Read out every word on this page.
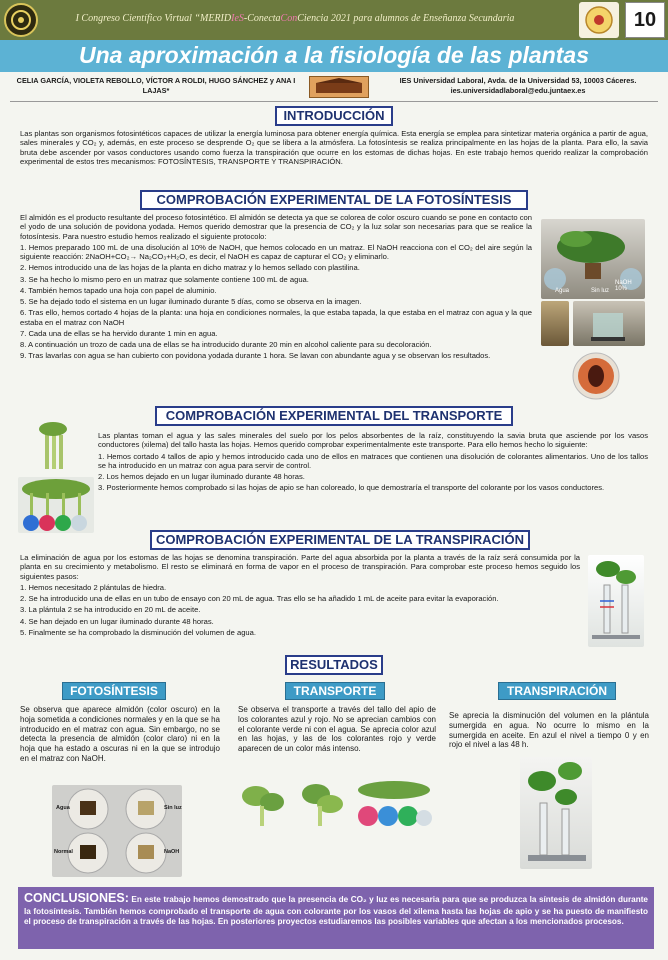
I Congreso Científico Virtual “MERIDIeS-ConectaConCiencia 2021 para alumnos de Enseñanza Secundaria	10
Una aproximación a la fisiología de las plantas
CELIA GARCÍA, VIOLETA REBOLLO, VÍCTOR A ROLDI, HUGO SÁNCHEZ y ANA I LAJAS*
IES Universidad Laboral, Avda. de la Universidad 53, 10003 Cáceres.
ies.universidadlaboral@edu.juntaex.es
INTRODUCCIÓN
Las plantas son organismos fotosintéticos capaces de utilizar la energía luminosa para obtener energía química. Esta energía se emplea para sintetizar materia orgánica a partir de agua, sales minerales y CO₂ y, además, en este proceso se desprende O₂ que se libera a la atmósfera. La fotosíntesis se realiza principalmente en las hojas de la planta. Para ello, la savia bruta debe ascender por vasos conductores usando como fuerza la transpiración que ocurre en los estomas de dichas hojas. En este trabajo hemos querido realizar la comprobación experimental de estos tres mecanismos: FOTOSÍNTESIS, TRANSPORTE Y TRANSPIRACIÓN.
COMPROBACIÓN EXPERIMENTAL DE LA FOTOSÍNTESIS

El almidón es el producto resultante del proceso fotosintético. El almidón se detecta ya que se colorea de color oscuro cuando se pone en contacto con el yodo de una solución de povidona yodada. Hemos querido demostrar que la presencia de CO₂ y la luz solar son necesarias para que se realice la fotosíntesis. Para nuestro estudio hemos realizado el siguiente protocolo:

1. Hemos preparado 100 mL de una disolución al 10% de NaOH, que hemos colocado en un matraz. El NaOH reacciona con el CO₂ del aire según la siguiente reacción: 2NaOH+CO₂→ Na₂CO₃+H₂O, es decir, el NaOH es capaz de capturar el CO₂ y eliminarlo.

2. Hemos introducido una de las hojas de la planta en dicho matraz y lo hemos sellado con plastilina.

3. Se ha hecho lo mismo pero en un matraz que solamente contiene 100 mL de agua.

4. También hemos tapado una hoja con papel de aluminio.

5. Se ha dejado todo el sistema en un lugar iluminado durante 5 días, como se observa en la imagen.

6. Tras ello, hemos cortado 4 hojas de la planta: una hoja en condiciones normales, la que estaba tapada, la que estaba en el matraz con agua y la que estaba en el matraz con NaOH

7. Cada una de ellas se ha hervido durante 1 min en agua.

8. A continuación un trozo de cada una de ellas se ha introducido durante 20 min en alcohol caliente para su decoloración.

9. Tras lavarlas con agua se han cubierto con povidona yodada durante 1 hora. Se lavan con abundante agua y se observan los resultados.

Agua	Sin luz
NaOH 10%
COMPROBACIÓN EXPERIMENTAL DEL TRANSPORTE

Las plantas toman el agua y las sales minerales del suelo por los pelos absorbentes de la raíz, constituyendo la savia bruta que asciende por los vasos conductores (xilema) del tallo hasta las hojas. Hemos querido comprobar experimentalmente este transporte. Para ello hemos hecho lo siguiente:

1. Hemos cortado 4 tallos de apio y hemos introducido cada uno de ellos en matraces que contienen una disolución de colorantes alimentarios. Uno de los tallos se ha introducido en un matraz con agua para servir de control.

2. Los hemos dejado en un lugar iluminado durante 48 horas.

3. Posteriormente hemos comprobado si las hojas de apio se han coloreado, lo que demostraría el transporte del colorante por los vasos conductores.

COMPROBACIÓN EXPERIMENTAL DE LA TRANSPIRACIÓN

La eliminación de agua por los estomas de las hojas se denomina transpiración. Parte del agua absorbida por la planta a través de la raíz será consumida por la planta en su crecimiento y metabolismo. El resto se eliminará en forma de vapor en el proceso de transpiración. Para comprobar este proceso hemos seguido los siguientes pasos:

1. Hemos necesitado 2 plántulas de hiedra.

2. Se ha introducido una de ellas en un tubo de ensayo con 20 mL de agua. Tras ello se ha añadido 1 mL de aceite para evitar la evaporación.

3. La plántula 2 se ha introducido en 20 mL de aceite.

4. Se han dejado en un lugar iluminado durante 48 horas.

5. Finalmente se ha comprobado la disminución del volumen de agua.

RESULTADOS
FOTOSÍNTESIS
Se observa que aparece almidón (color oscuro) en la hoja sometida a condiciones normales y en la que se ha introducido en el matraz con agua. Sin embargo, no se detecta la presencia de almidón (color claro) ni en la hoja que ha estado a oscuras ni en la que se introdujo en el matraz con NaOH.
Agua	Sin luz
Normal	NaOH
TRANSPORTE
Se observa el transporte a través del tallo del apio de los colorantes azul y rojo. No se aprecian cambios con el colorante verde ni con el agua. Se aprecia color azul en las hojas, y las de los colorantes rojo y verde aparecen de un color más intenso.
TRANSPIRACIÓN
Se aprecia la disminución del volumen en la plántula sumergida en agua. No ocurre lo mismo en la sumergida en aceite. En azul el nivel a tiempo 0 y en rojo el nivel a las 48 h.
CONCLUSIONES: En este trabajo hemos demostrado que la presencia de CO₂ y luz es necesaria para que se produzca la síntesis de almidón durante la fotosíntesis. También hemos comprobado el transporte de agua con colorante por los vasos del xilema hasta las hojas de apio y se ha puesto de manifiesto el proceso de transpiración a través de las hojas. En posteriores proyectos estudiaremos las posibles variables que afectan a los mencionados procesos.
